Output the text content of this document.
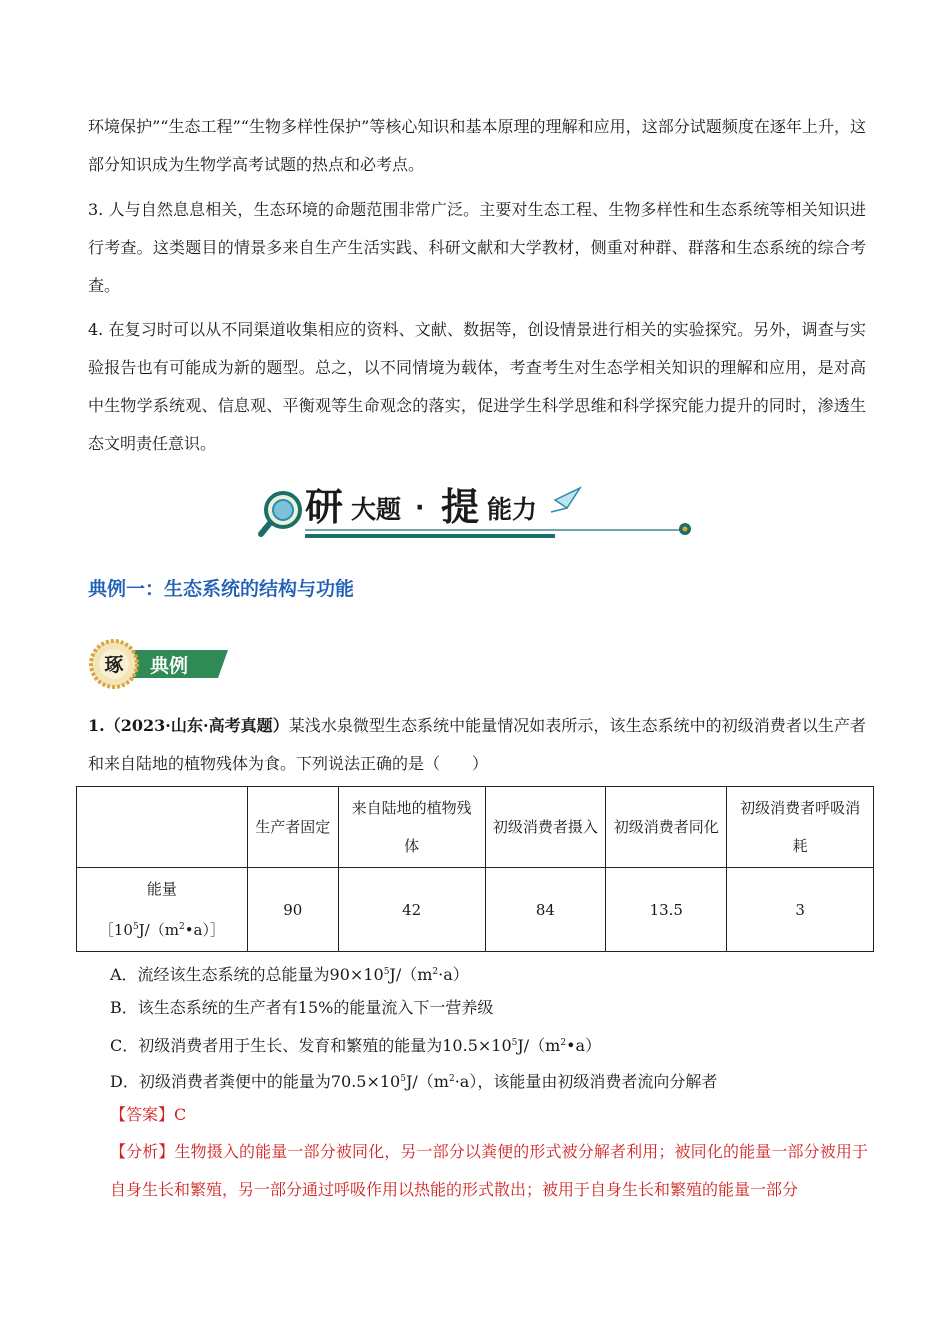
环境保护”“生态工程”“生物多样性保护”等核心知识和基本原理的理解和应用，这部分试题频度在逐年上升，这部分知识成为生物学高考试题的热点和必考点。

3. 人与自然息息相关，生态环境的命题范围非常广泛。主要对生态工程、生物多样性和生态系统等相关知识进行考查。这类题目的情景多来自生产生活实践、科研文献和大学教材，侧重对种群、群落和生态系统的综合考查。

4. 在复习时可以从不同渠道收集相应的资料、文献、数据等，创设情景进行相关的实验探究。另外，调查与实验报告也有可能成为新的题型。总之，以不同情境为载体，考查考生对生态学相关知识的理解和应用，是对高中生物学系统观、信息观、平衡观等生命观念的落实，促进学生科学思维和科学探究能力提升的同时，渗透生态文明责任意识。

研 大题 · 提 能力
典例一：生态系统的结构与功能
琢 典例

1.（2023·山东·高考真题）某浅水泉微型生态系统中能量情况如表所示，该生态系统中的初级消费者以生产者和来自陆地的植物残体为食。下列说法正确的是（　　）

	生产者固定	来自陆地的植物残体	初级消费者摄入	初级消费者同化	初级消费者呼吸消耗
能量
$[10^5J/(m^2•a)]$	90	42	84	13.5	3

A．流经该生态系统的总能量为$90\times 10^5J/(m^2\cdot a)$

B．该生态系统的生产者有15%的能量流入下一营养级

C．初级消费者用于生长、发育和繁殖的能量为$10.5\times 10^5J/(m^2•a)$

D．初级消费者粪便中的能量为$70.5\times 10^5J/(m^2\cdot a)$，该能量由初级消费者流向分解者

【答案】C

【分析】生物摄入的能量一部分被同化，另一部分以粪便的形式被分解者利用；被同化的能量一部分被用于自身生长和繁殖，另一部分通过呼吸作用以热能的形式散出；被用于自身生长和繁殖的能量一部分
